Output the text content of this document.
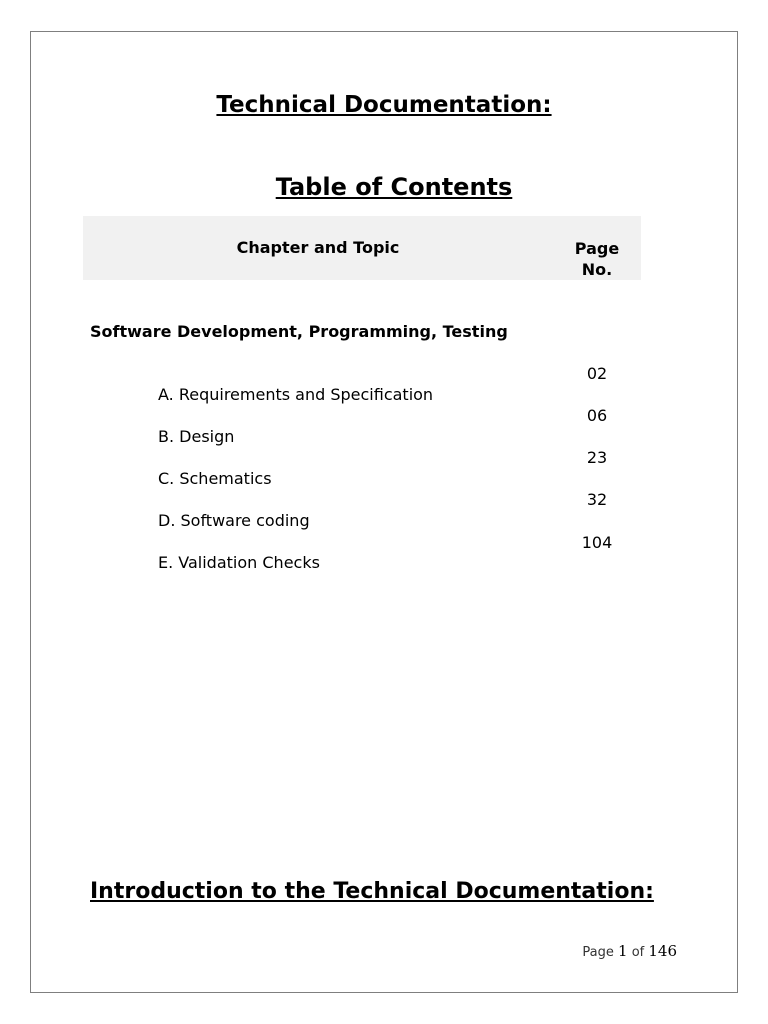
Technical Documentation:
Table of Contents
Chapter and Topic	Page No.
Software Development, Programming, Testing
A. Requirements and Specification
B. Design
C. Schematics
D. Software coding
E. Validation Checks
02
06
23
32
104
Introduction to the Technical Documentation:
Page 1 of 146
